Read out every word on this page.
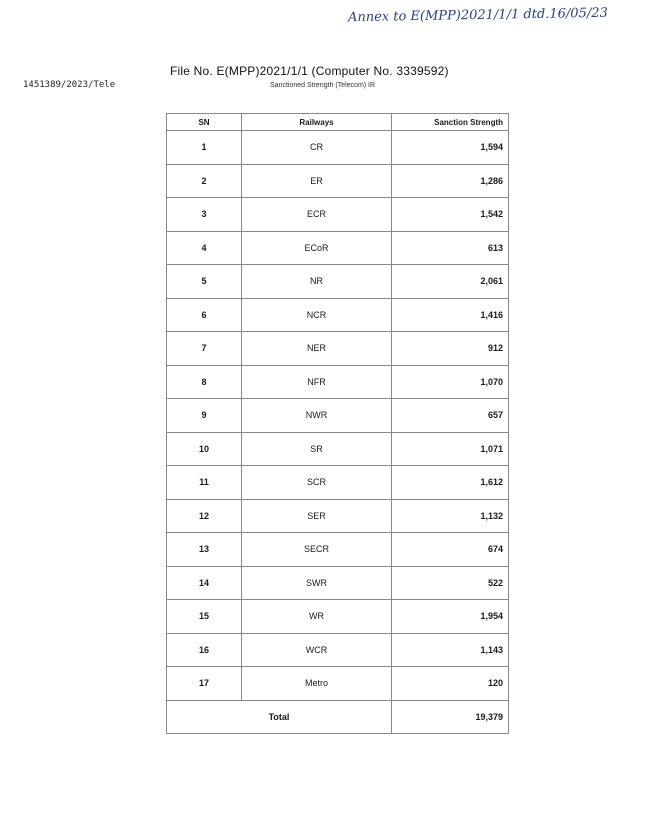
Annex to E(MPP)2021/1/1 dtd.16/05/23
1451389/2023/Tele
File No. E(MPP)2021/1/1 (Computer No. 3339592)
Sanctioned Strength (Telecom) IR
SN	Railways	Sanction Strength
1	CR	1,594
2	ER	1,286
3	ECR	1,542
4	ECoR	613
5	NR	2,061
6	NCR	1,416
7	NER	912
8	NFR	1,070
9	NWR	657
10	SR	1,071
11	SCR	1,612
12	SER	1,132
13	SECR	674
14	SWR	522
15	WR	1,954
16	WCR	1,143
17	Metro	120
Total		19,379
